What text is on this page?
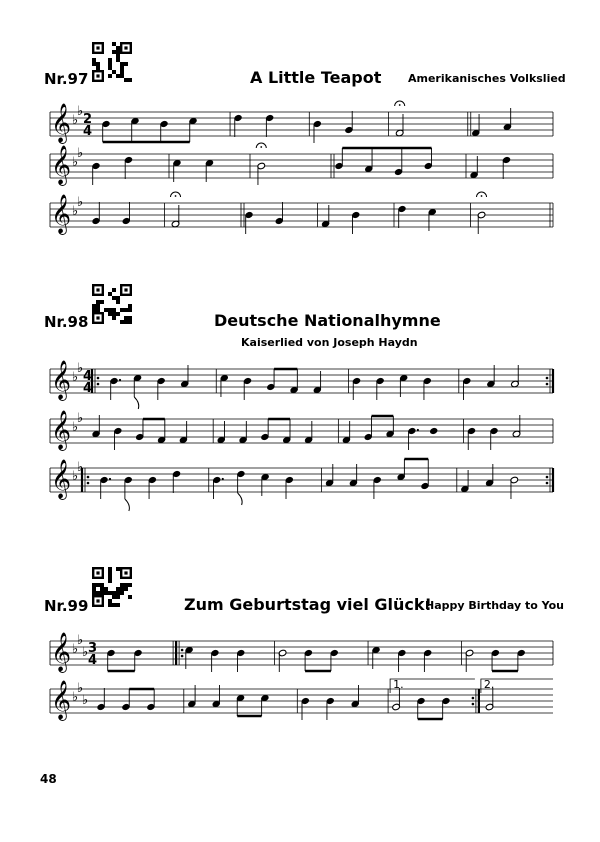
Nr.97	A Little Teapot Amerikanisches Volkslied
𝄞 ♭
♭
2
4
𝄞 ♭
♭
𝄞 ♭
♭
Nr.98	Deutsche Nationalhymne
Kaiserlied von Joseph Haydn
𝄞 ♭
♭
4
4
𝄞 ♭
♭
𝄞 ♭
♭
Nr.99	Zum Geburtstag viel Glück!
Happy Birthday to You
𝄞 ♭
♭
♭ 3
4
𝄞 ♭
♭
♭
1.	2.
48
